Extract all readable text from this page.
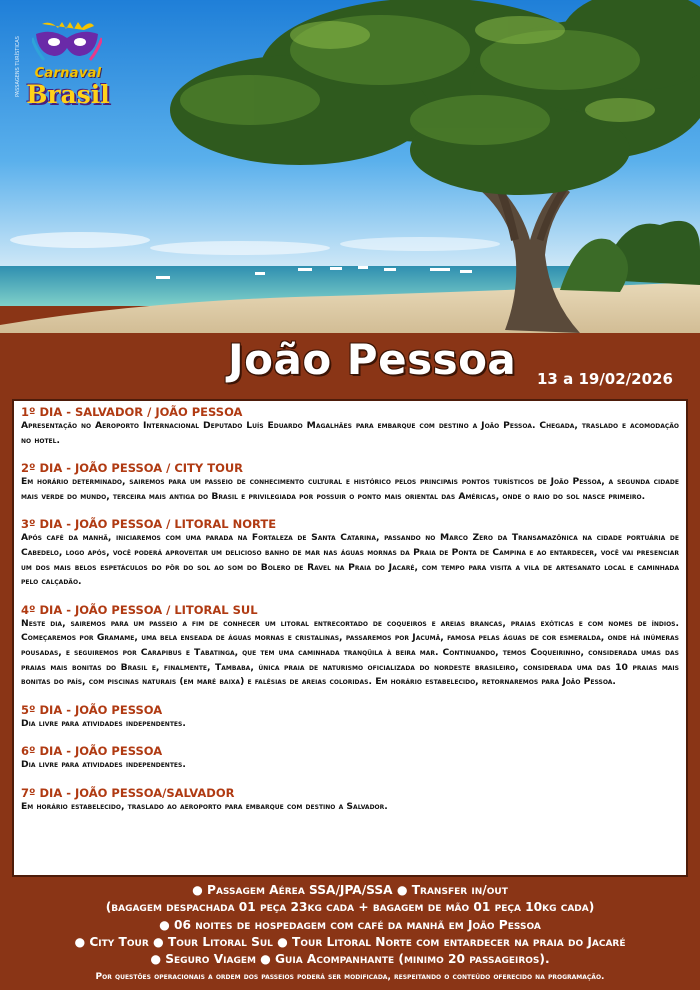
PASSAGENS TURÍSTICAS	Carnaval
Brasil
João Pessoa 13 a 19/02/2026
1º DIA - SALVADOR / JOÃO PESSOA
Apresentação no Aeroporto Internacional Deputado Luís Eduardo Magalhães para embarque com destino a João Pessoa. Chegada, traslado e acomodação no hotel.
2º DIA - JOÃO PESSOA / CITY TOUR
Em horário determinado, sairemos para um passeio de conhecimento cultural e histórico pelos principais pontos turísticos de João Pessoa, a segunda cidade mais verde do mundo, terceira mais antiga do Brasil e privilegiada por possuir o ponto mais oriental das Américas, onde o raio do sol nasce primeiro.
3º DIA - JOÃO PESSOA / LITORAL NORTE
Após café da manhã, iniciaremos com uma parada na Fortaleza de Santa Catarina, passando no Marco Zero da Transamazônica na cidade portuária de Cabedelo, logo após, você poderá aproveitar um delicioso banho de mar nas águas mornas da Praia de Ponta de Campina e ao entardecer, você vai presenciar um dos mais belos espetáculos do pôr do sol ao som do Bolero de Ravel na Praia do Jacaré, com tempo para visita a vila de artesanato local e caminhada pelo calçadão.
4º DIA - JOÃO PESSOA / LITORAL SUL
Neste dia, sairemos para um passeio a fim de conhecer um litoral entrecortado de coqueiros e areias brancas, praias exóticas e com nomes de índios. Começaremos por Gramame, uma bela enseada de águas mornas e cristalinas, passaremos por Jacumã, famosa pelas águas de cor esmeralda, onde há inúmeras pousadas, e seguiremos por Carapibus e Tabatinga, que tem uma caminhada tranqüila à beira mar. Continuando, temos Coqueirinho, considerada umas das praias mais bonitas do Brasil e, finalmente, Tambaba, única praia de naturismo oficializada do nordeste brasileiro, considerada uma das 10 praias mais bonitas do país, com piscinas naturais (em maré baixa) e falésias de areias coloridas. Em horário estabelecido, retornaremos para João Pessoa.
5º DIA - JOÃO PESSOA
Dia livre para atividades independentes.
6º DIA - JOÃO PESSOA
Dia livre para atividades independentes.
7º DIA - JOÃO PESSOA/SALVADOR
Em horário estabelecido, traslado ao aeroporto para embarque com destino a Salvador.
● Passagem Aérea SSA/JPA/SSA ● Transfer in/out
(bagagem despachada 01 peça 23kg cada + bagagem de mão 01 peça 10kg cada)
● 06 noites de hospedagem com café da manhã em João Pessoa
● City Tour ● Tour Litoral Sul ● Tour Litoral Norte com entardecer na praia do Jacaré
● Seguro Viagem ● Guia Acompanhante (minimo 20 passageiros).
Por questões operacionais a ordem dos passeios poderá ser modificada, respeitando o conteúdo oferecido na programação.
